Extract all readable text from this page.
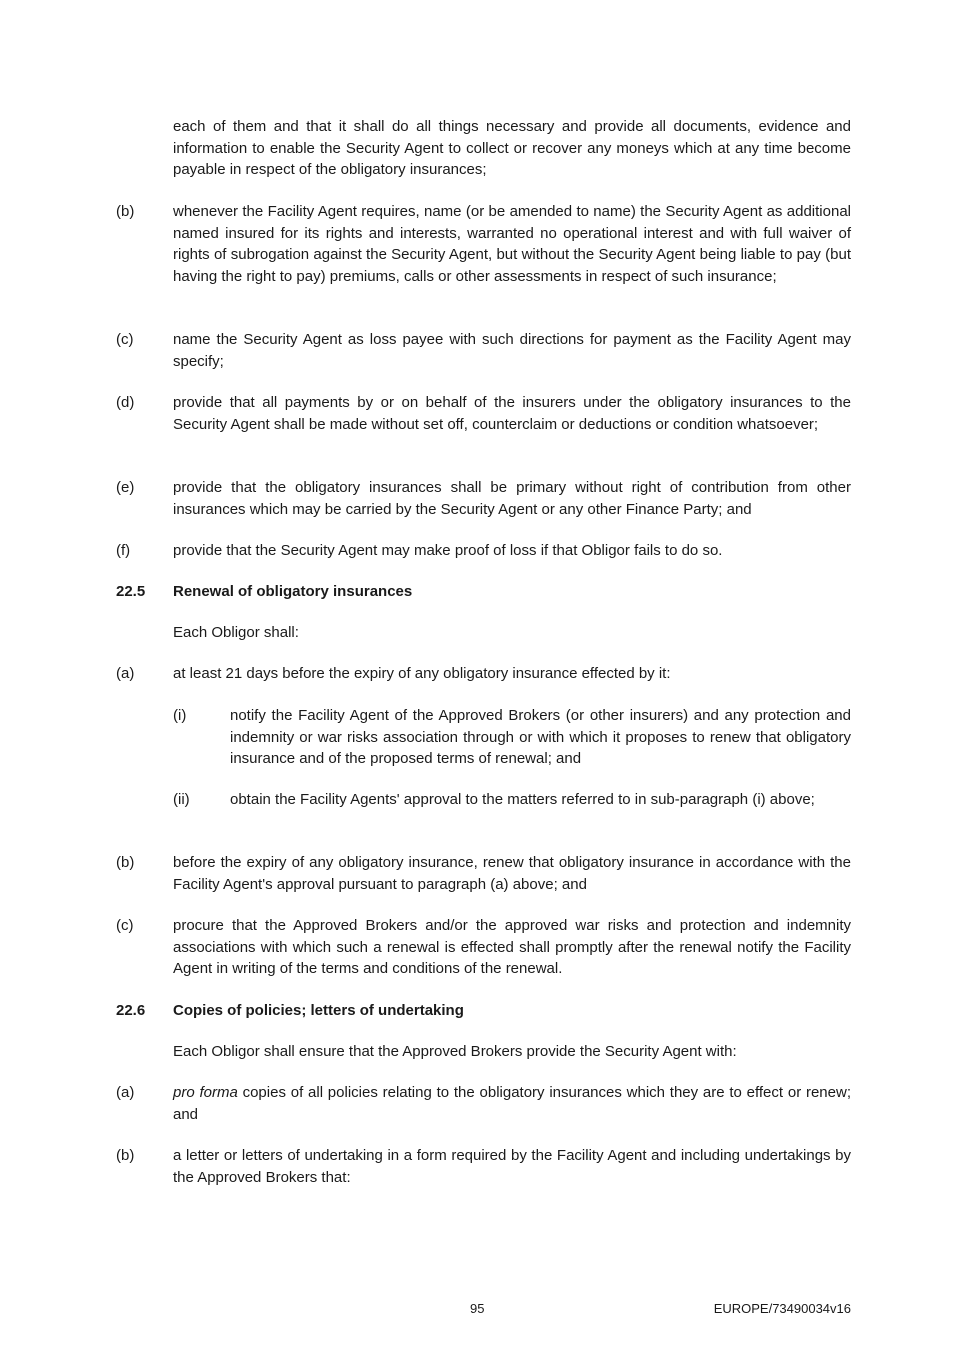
each of them and that it shall do all things necessary and provide all documents, evidence and information to enable the Security Agent to collect or recover any moneys which at any time become payable in respect of the obligatory insurances;
(b)	whenever the Facility Agent requires, name (or be amended to name) the Security Agent as additional named insured for its rights and interests, warranted no operational interest and with full waiver of rights of subrogation against the Security Agent, but without the Security Agent being liable to pay (but having the right to pay) premiums, calls or other assessments in respect of such insurance;
(c)	name the Security Agent as loss payee with such directions for payment as the Facility Agent may specify;
(d)	provide that all payments by or on behalf of the insurers under the obligatory insurances to the Security Agent shall be made without set off, counterclaim or deductions or condition whatsoever;
(e)	provide that the obligatory insurances shall be primary without right of contribution from other insurances which may be carried by the Security Agent or any other Finance Party; and
(f)	provide that the Security Agent may make proof of loss if that Obligor fails to do so.
22.5 Renewal of obligatory insurances
Each Obligor shall:
(a)	at least 21 days before the expiry of any obligatory insurance effected by it:
(i)	notify the Facility Agent of the Approved Brokers (or other insurers) and any protection and indemnity or war risks association through or with which it proposes to renew that obligatory insurance and of the proposed terms of renewal; and
(ii)	obtain the Facility Agents' approval to the matters referred to in sub-paragraph (i) above;
(b)	before the expiry of any obligatory insurance, renew that obligatory insurance in accordance with the Facility Agent's approval pursuant to paragraph (a) above; and
(c)	procure that the Approved Brokers and/or the approved war risks and protection and indemnity associations with which such a renewal is effected shall promptly after the renewal notify the Facility Agent in writing of the terms and conditions of the renewal.
22.6 Copies of policies; letters of undertaking
Each Obligor shall ensure that the Approved Brokers provide the Security Agent with:
(a)	pro forma copies of all policies relating to the obligatory insurances which they are to effect or renew; and
(b)	a letter or letters of undertaking in a form required by the Facility Agent and including undertakings by the Approved Brokers that:
95	EUROPE/73490034v16
